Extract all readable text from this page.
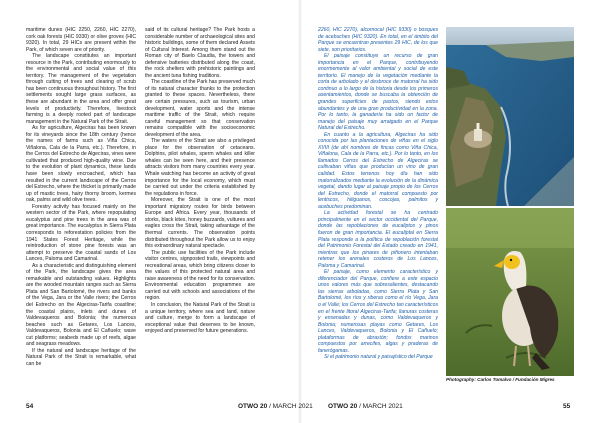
maritime dunes (HIC 2250, 2260, HIC 2270), cork oak forests (HIC 9330) or olive groves (HIC 9320). In total, 29 HICs are present within the Park, of which seven are of priority.

The landscape constitutes an important resource in the Park, contributing enormously to the environmental and social value of this territory. The management of the vegetation through cutting of trees and clearing of scrub has been continuous throughout history. The first settlements sought large grass surfaces, as these are abundant in the area and offer great levels of productivity. Therefore, livestock farming is a deeply rooted part of landscape management in the Natural Park of the Strait.

As for agriculture, Algeciras has been known for its vineyards since the 18th century (hence the names of farms such as Viña Chica, Viñalona, Cala de la Parra, etc.). Therefore, in the Cerros del Estrecho de Algeciras, vines were cultivated that produced high-quality wine. Due to the evolution of plant dynamics, these lands have been slowly encroached, which has resulted in the current landscape of the Cerros del Estrecho, where the thicket is primarily made up of mastic trees, hairy thorny broom, kermes oak, palms and wild olive trees.

Forestry activity has focused mainly on the western sector of the Park, where repopulating eucalyptus and pine trees in the area was of great importance. The eucalyptus in Sierra Plata corresponds to reforestation policies from the 1941 States Forest Heritage, while the reintroduction of stone pine forests was an attempt to preserve the coastal sands of Los Lances, Paloma and Camarinal.

As a characteristic and distinguishing element of the Park, the landscape gives the area remarkable and outstanding values. Highlights are the wooded mountain ranges such as Sierra Plata and San Bartolomé, the rivers and banks of the Vega, Jara or the Valle rivers; the Cerros del Estrecho on the Algeciras-Tarifa coastline; the coastal plains, inlets and dunes of Valdevaqueros and Bolonia; the numerous beaches such as Getares, Los Lances, Valdevaqueros, Bolonia and El Cañuelo; wave cut platforms; seabeds made up of reefs, algae and seagrass meadows.

If the natural and landscape heritage of the Natural Park of the Strait is remarkable, what can be

said of its cultural heritage? The Park hosts a considerable number of archaeological sites and historic buildings, some of them declared Assets of Cultural Interest. Among them stand out the Roman city of Baelo Claudia, the towers and defensive batteries distributed along the coast, the rock shelters with prehistoric paintings and the ancient tuna fishing traditions.

The coastline of the Park has preserved much of its natural character thanks to the protection granted to these spaces. Nevertheless, there are certain pressures, such as tourism, urban development, water sports and the intense maritime traffic of the Strait, which require careful management so that conservation remains compatible with the socioeconomic development of the area.

The waters of the Strait are also a privileged place for the observation of cetaceans. Dolphins, pilot whales, sperm whales and killer whales can be seen here, and their presence attracts visitors from many countries every year. Whale watching has become an activity of great importance for the local economy, which must be carried out under the criteria established by the regulations in force.

Moreover, the Strait is one of the most important migratory routes for birds between Europe and Africa. Every year, thousands of storks, black kites, honey buzzards, vultures and eagles cross the Strait, taking advantage of the thermal currents. The observation points distributed throughout the Park allow us to enjoy this extraordinary natural spectacle.

The public use facilities of the Park include visitor centres, signposted trails, viewpoints and recreational areas, which bring citizens closer to the values of this protected natural area and raise awareness of the need for its conservation. Environmental education programmes are carried out with schools and associations of the region.

In conclusion, the Natural Park of the Strait is a unique territory, where sea and land, nature and culture, merge to form a landscape of exceptional value that deserves to be known, enjoyed and preserved for future generations.

2260, HIC 2270), alcornocal (HIC 9330) o bosques de acebuches (HIC 9320). En total, en el ámbito del Parque se encuentran presentes 29 HIC, de los que siete, son prioritarios.

El paisaje constituye un recurso de gran importancia en el Parque, contribuyendo enormemente al valor ambiental y social de este territorio. El manejo de la vegetación mediante la corta de arbolado y el desbroce de matorral ha sido continuo a lo largo de la historia desde los primeros asentamientos, donde se buscaba la obtención de grandes superficies de pastos, siendo estos abundantes y de una gran productividad en la zona. Por lo tanto, la ganadería ha sido un factor de manejo del paisaje muy arraigado en el Parque Natural del Estrecho.

En cuanto a la agricultura, Algeciras ha sido conocida por las plantaciones de viñas en el siglo XVIII (de ahí nombres de fincas como Viña Chica, Viñalona, Cala de la Parra, etc.). Por lo tanto, en los llamados Cerros del Estrecho de Algeciras se cultivaban viñas que producían un vino de gran calidad. Estos terrenos hoy día han sido matorralizados mediante la evolución de la dinámica vegetal, dando lugar al paisaje propio de los Cerros del Estrecho, donde el matorral compuesto por lentiscos, hiliguanos, coscojas, palmitos y acebuches predominan.

La actividad forestal se ha centrado principalmente en el sector occidental del Parque, donde las repoblaciones de eucaliptos y pinos fueron de gran importancia. El eucaliptal en Sierra Plata responde a la política de repoblación forestal del Patrimonio Forestal del Estado creado en 1941, mientras que los pinares de piñonero intentaban retener los arenales costeros de Los Lances, Paloma y Camarinal.

El paisaje, como elemento característico y diferenciador del Parque, confiere a este espacio unos valores más que sobresalientes, destacando las sierras arboladas, como Sierra Plata y San Bartolomé, los ríos y riberas como el río Vega, Jara o el Valle; los Cerros del Estrecho tan característicos en el frente litoral Algeciras-Tarifa; llanuras costeras y ensenadas y dunas, como Valdevaqueros y Bolonia; numerosas playas como Getares, Los Lances, Valdevaqueros, Bolonia y El Cañuelo; plataformas de abrasión; fondos marinos compuestos por arrecifes, algas y praderas de fanerógamas.

Si el patrimonio natural y paisajístico del Parque

Photography: Carlos Tomalvo / Fundación Migres
54	OTWO 20 / MARCH 2021 OTWO 20 / MARCH 2021	55
